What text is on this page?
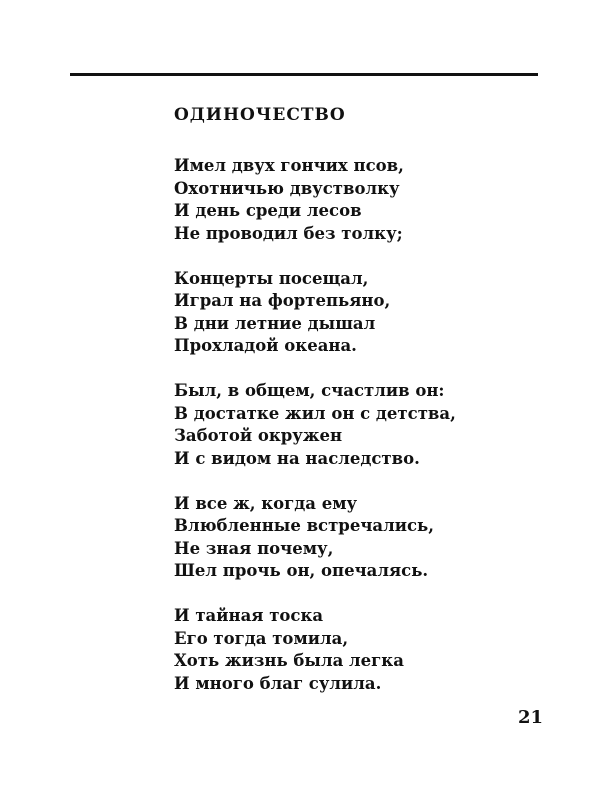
ОДИНОЧЕСТВО
Имел двух гончих псов,
Охотничью двустволку
И день среди лесов
Не проводил без толку;
Концерты посещал,
Играл на фортепьяно,
В дни летние дышал
Прохладой океана.
Был, в общем, счастлив он:
В достатке жил он с детства,
Заботой окружен
И с видом на наследство.
И все ж, когда ему
Влюбленные встречались,
Не зная почему,
Шел прочь он, опечалясь.
И тайная тоска
Его тогда томила,
Хоть жизнь была легка
И много благ сулила.
21
